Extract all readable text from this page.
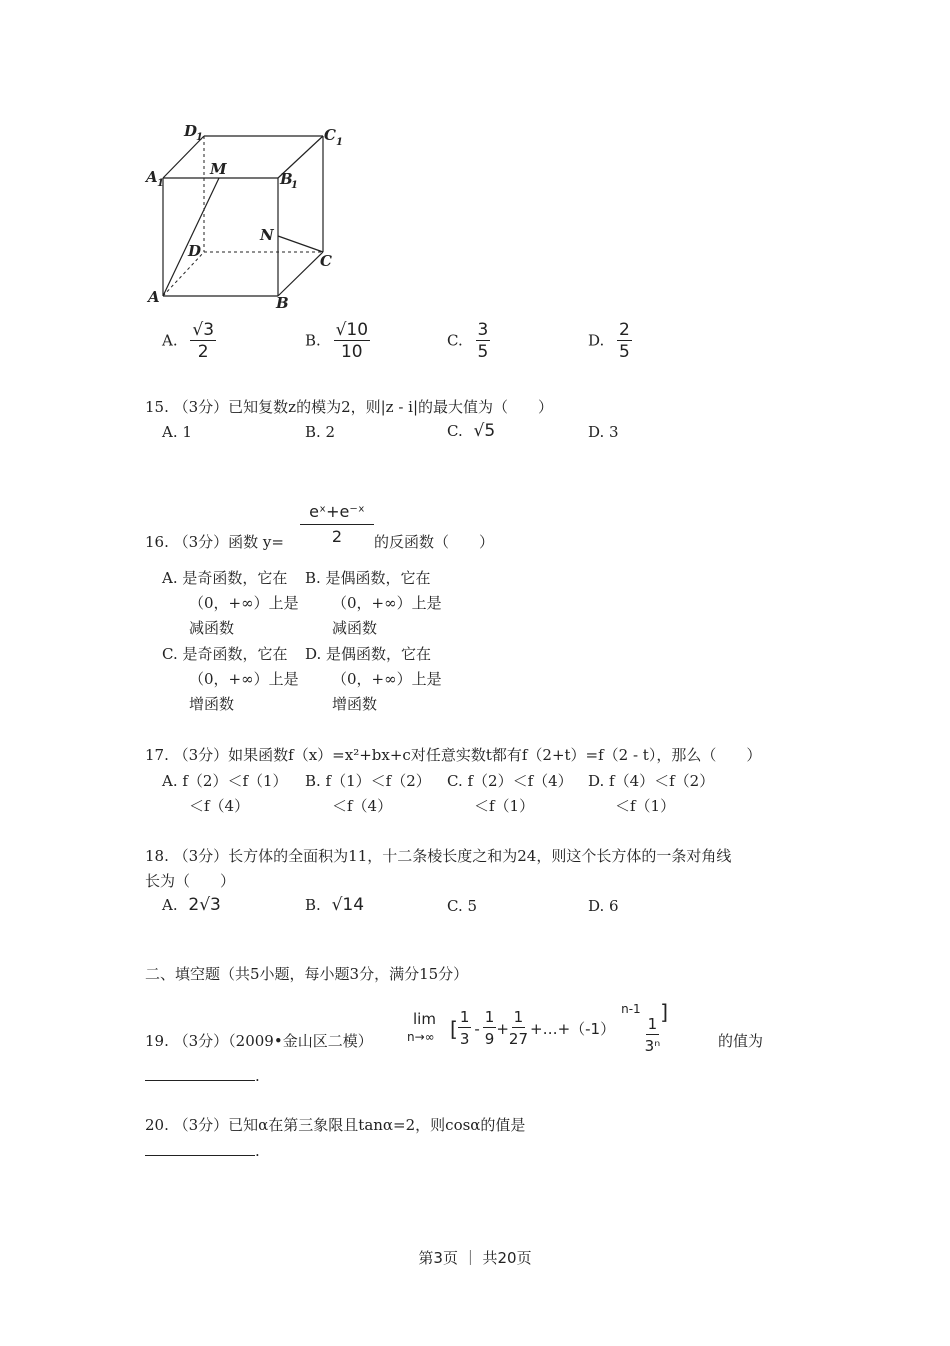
D
1	C 1
A 1	B
1
M
N
D
C
A	B
A. $\frac{√3}{2}$	B. $\frac{√10}{10}$	C. $\frac{3}{5}$	D. $\frac{2}{5}$
15. （3分）已知复数z的模为2，则|z - i|的最大值为（　　）
A. 1	B. 2	C. √5	D. 3
16. （3分）函数 y=
eˣ+e⁻ˣ
2	的反函数（　　）
A. 是奇函数，它在
（0，+∞）上是
减函数
B. 是偶函数，它在
（0，+∞）上是
减函数
C. 是奇函数，它在
（0，+∞）上是
增函数
D. 是偶函数，它在
（0，+∞）上是
增函数
17. （3分）如果函数f（x）=x²+bx+c对任意实数t都有f（2+t）=f（2 - t），那么（　　）
A. f（2）＜f（1）
＜f（4）
B. f（1）＜f（2）
＜f（4）
C. f（2）＜f（4）
＜f（1）
D. f（4）＜f（2）
＜f（1）
18. （3分）长方体的全面积为11，十二条棱长度之和为24，则这个长方体的一条对角线
长为（　　）
A. 2√3	B. √14	C. 5	D. 6
二、填空题（共5小题，每小题3分，满分15分）
19. （3分）（2009•金山区二模）
lim
n→∞ [ $\frac{1}{3} - \frac{1}{9} + \frac{1}{27}$ +…+（-1）
n-1
$\frac{1}{\text{3ⁿ}}$
]
的值为
.
20. （3分）已知α在第三象限且tanα=2，则cosα的值是
.
第3页 ｜ 共20页
